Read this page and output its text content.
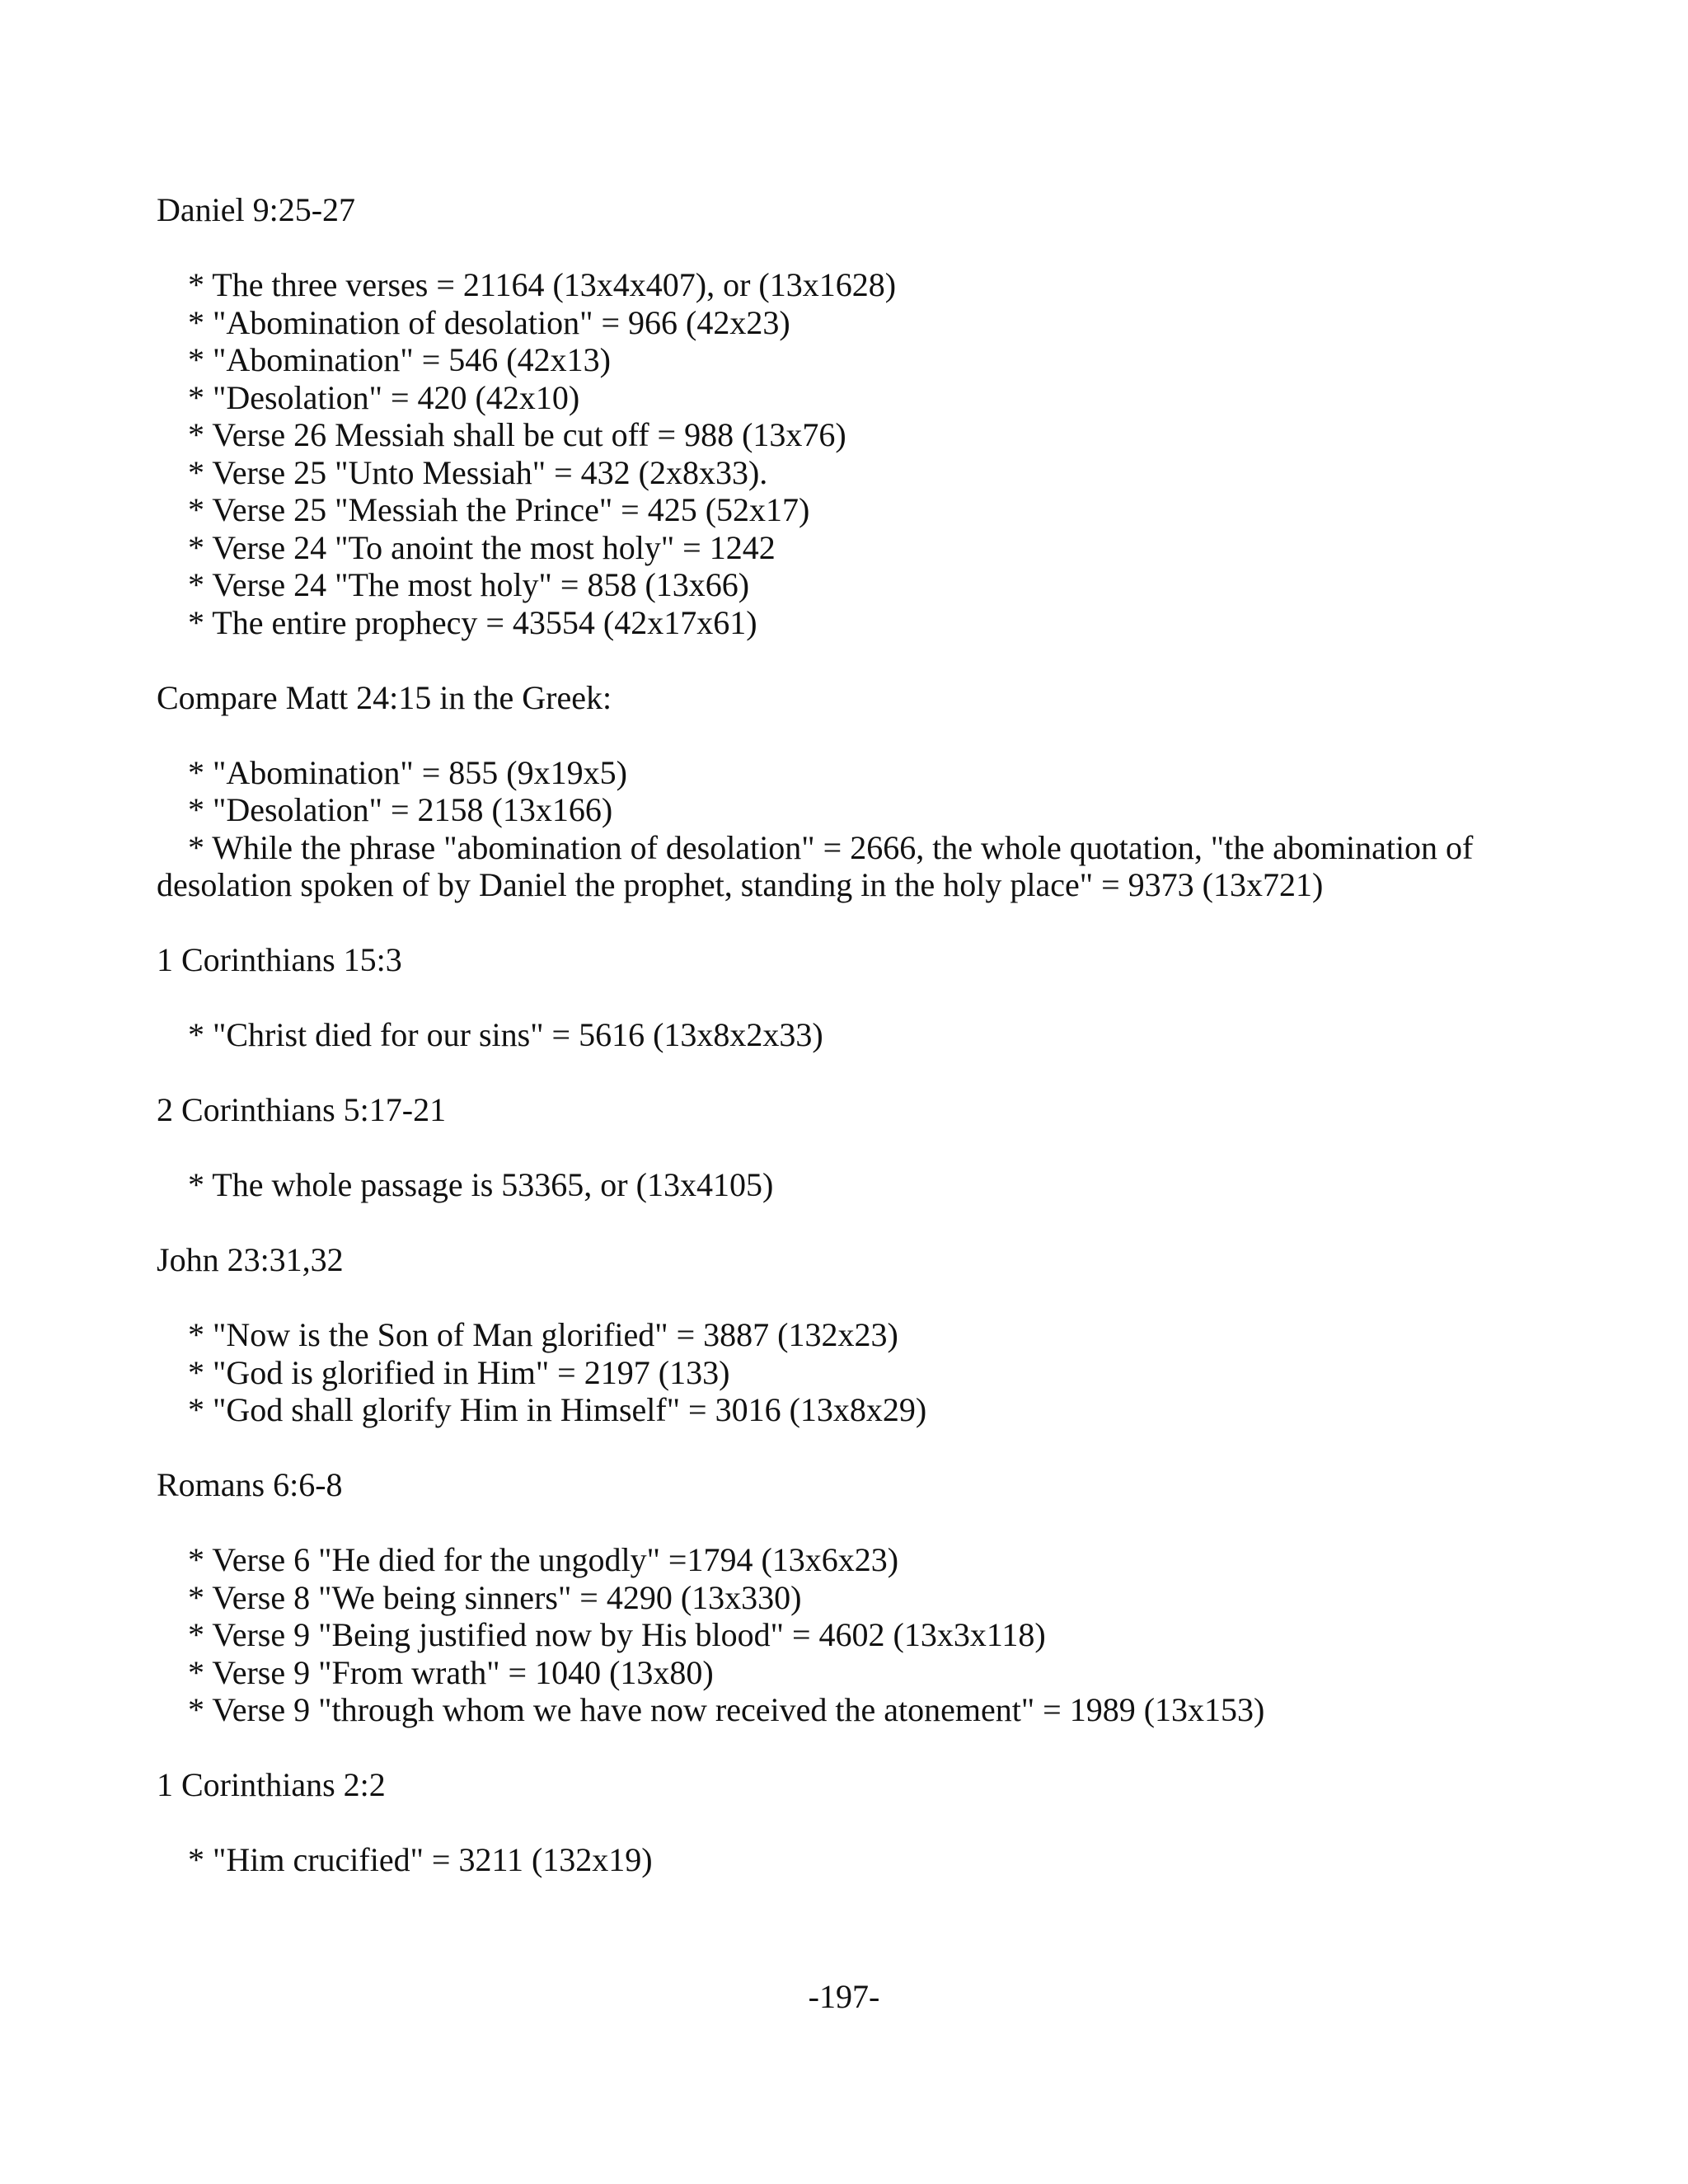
Daniel 9:25-27
* The three verses = 21164 (13x4x407), or (13x1628)
* "Abomination of desolation" = 966 (42x23)
* "Abomination" = 546 (42x13)
* "Desolation" = 420 (42x10)
* Verse 26 Messiah shall be cut off = 988 (13x76)
* Verse 25 "Unto Messiah" = 432 (2x8x33).
* Verse 25 "Messiah the Prince" = 425 (52x17)
* Verse 24 "To anoint the most holy" = 1242
* Verse 24 "The most holy" = 858 (13x66)
* The entire prophecy = 43554 (42x17x61)
Compare Matt 24:15 in the Greek:
* "Abomination" = 855 (9x19x5)
* "Desolation" = 2158 (13x166)
* While the phrase "abomination of desolation" = 2666, the whole quotation, "the abomination of desolation spoken of by Daniel the prophet, standing in the holy place" = 9373 (13x721)
1 Corinthians 15:3
* "Christ died for our sins" = 5616 (13x8x2x33)
2 Corinthians 5:17-21
* The whole passage is 53365, or (13x4105)
John 23:31,32
* "Now is the Son of Man glorified" = 3887 (132x23)
* "God is glorified in Him" = 2197 (133)
* "God shall glorify Him in Himself" = 3016 (13x8x29)
Romans 6:6-8
* Verse 6 "He died for the ungodly" =1794 (13x6x23)
* Verse 8 "We being sinners" = 4290 (13x330)
* Verse 9 "Being justified now by His blood" = 4602 (13x3x118)
* Verse 9 "From wrath" = 1040 (13x80)
* Verse 9 "through whom we have now received the atonement" = 1989 (13x153)
1 Corinthians 2:2
* "Him crucified" = 3211 (132x19)
-197-
